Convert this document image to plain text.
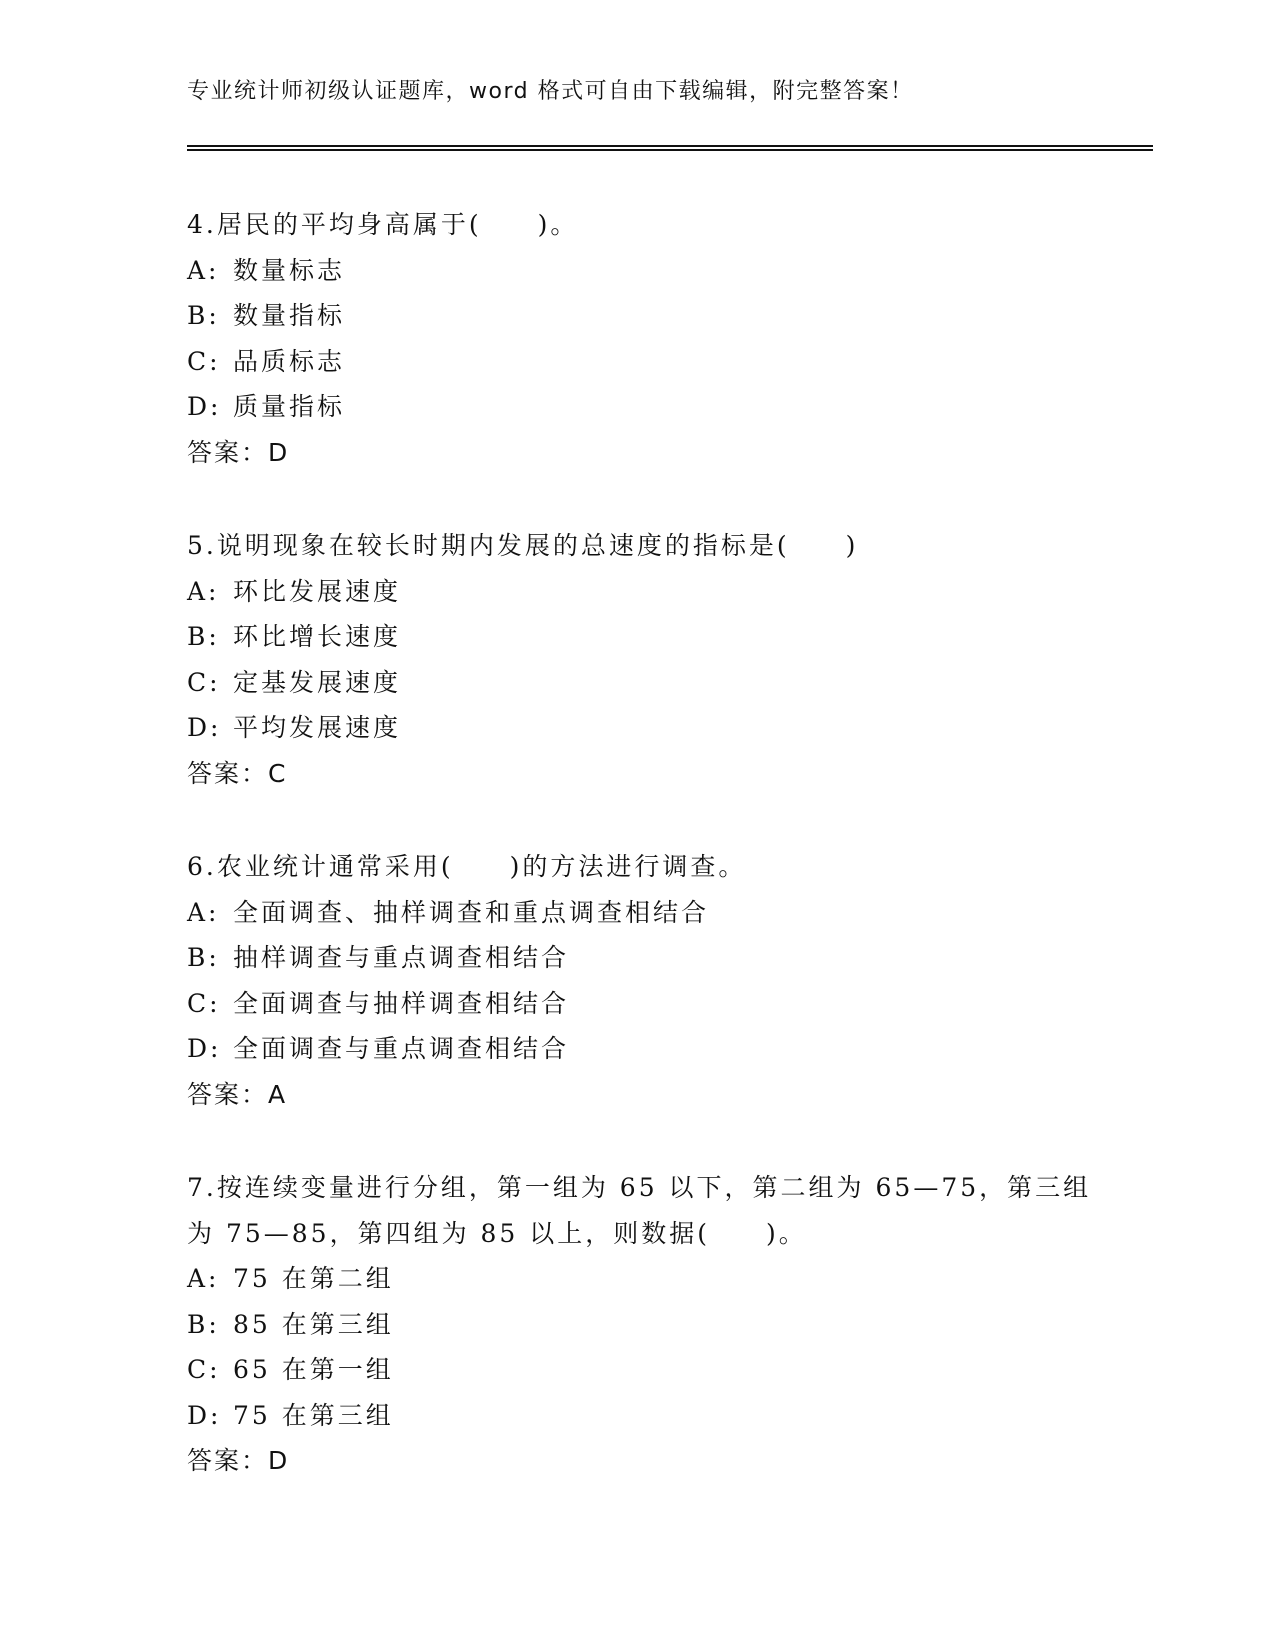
专业统计师初级认证题库，word 格式可自由下载编辑，附完整答案！
4.居民的平均身高属于(　　)。
A: 数量标志
B: 数量指标
C: 品质标志
D: 质量指标
答案：D
5.说明现象在较长时期内发展的总速度的指标是(　　)
A: 环比发展速度
B: 环比增长速度
C: 定基发展速度
D: 平均发展速度
答案：C
6.农业统计通常采用(　　)的方法进行调查。
A: 全面调查、抽样调查和重点调查相结合
B: 抽样调查与重点调查相结合
C: 全面调查与抽样调查相结合
D: 全面调查与重点调查相结合
答案：A
7.按连续变量进行分组，第一组为 65 以下，第二组为 65—75，第三组
为 75—85，第四组为 85 以上，则数据(　　)。
A: 75 在第二组
B: 85 在第三组
C: 65 在第一组
D: 75 在第三组
答案：D
